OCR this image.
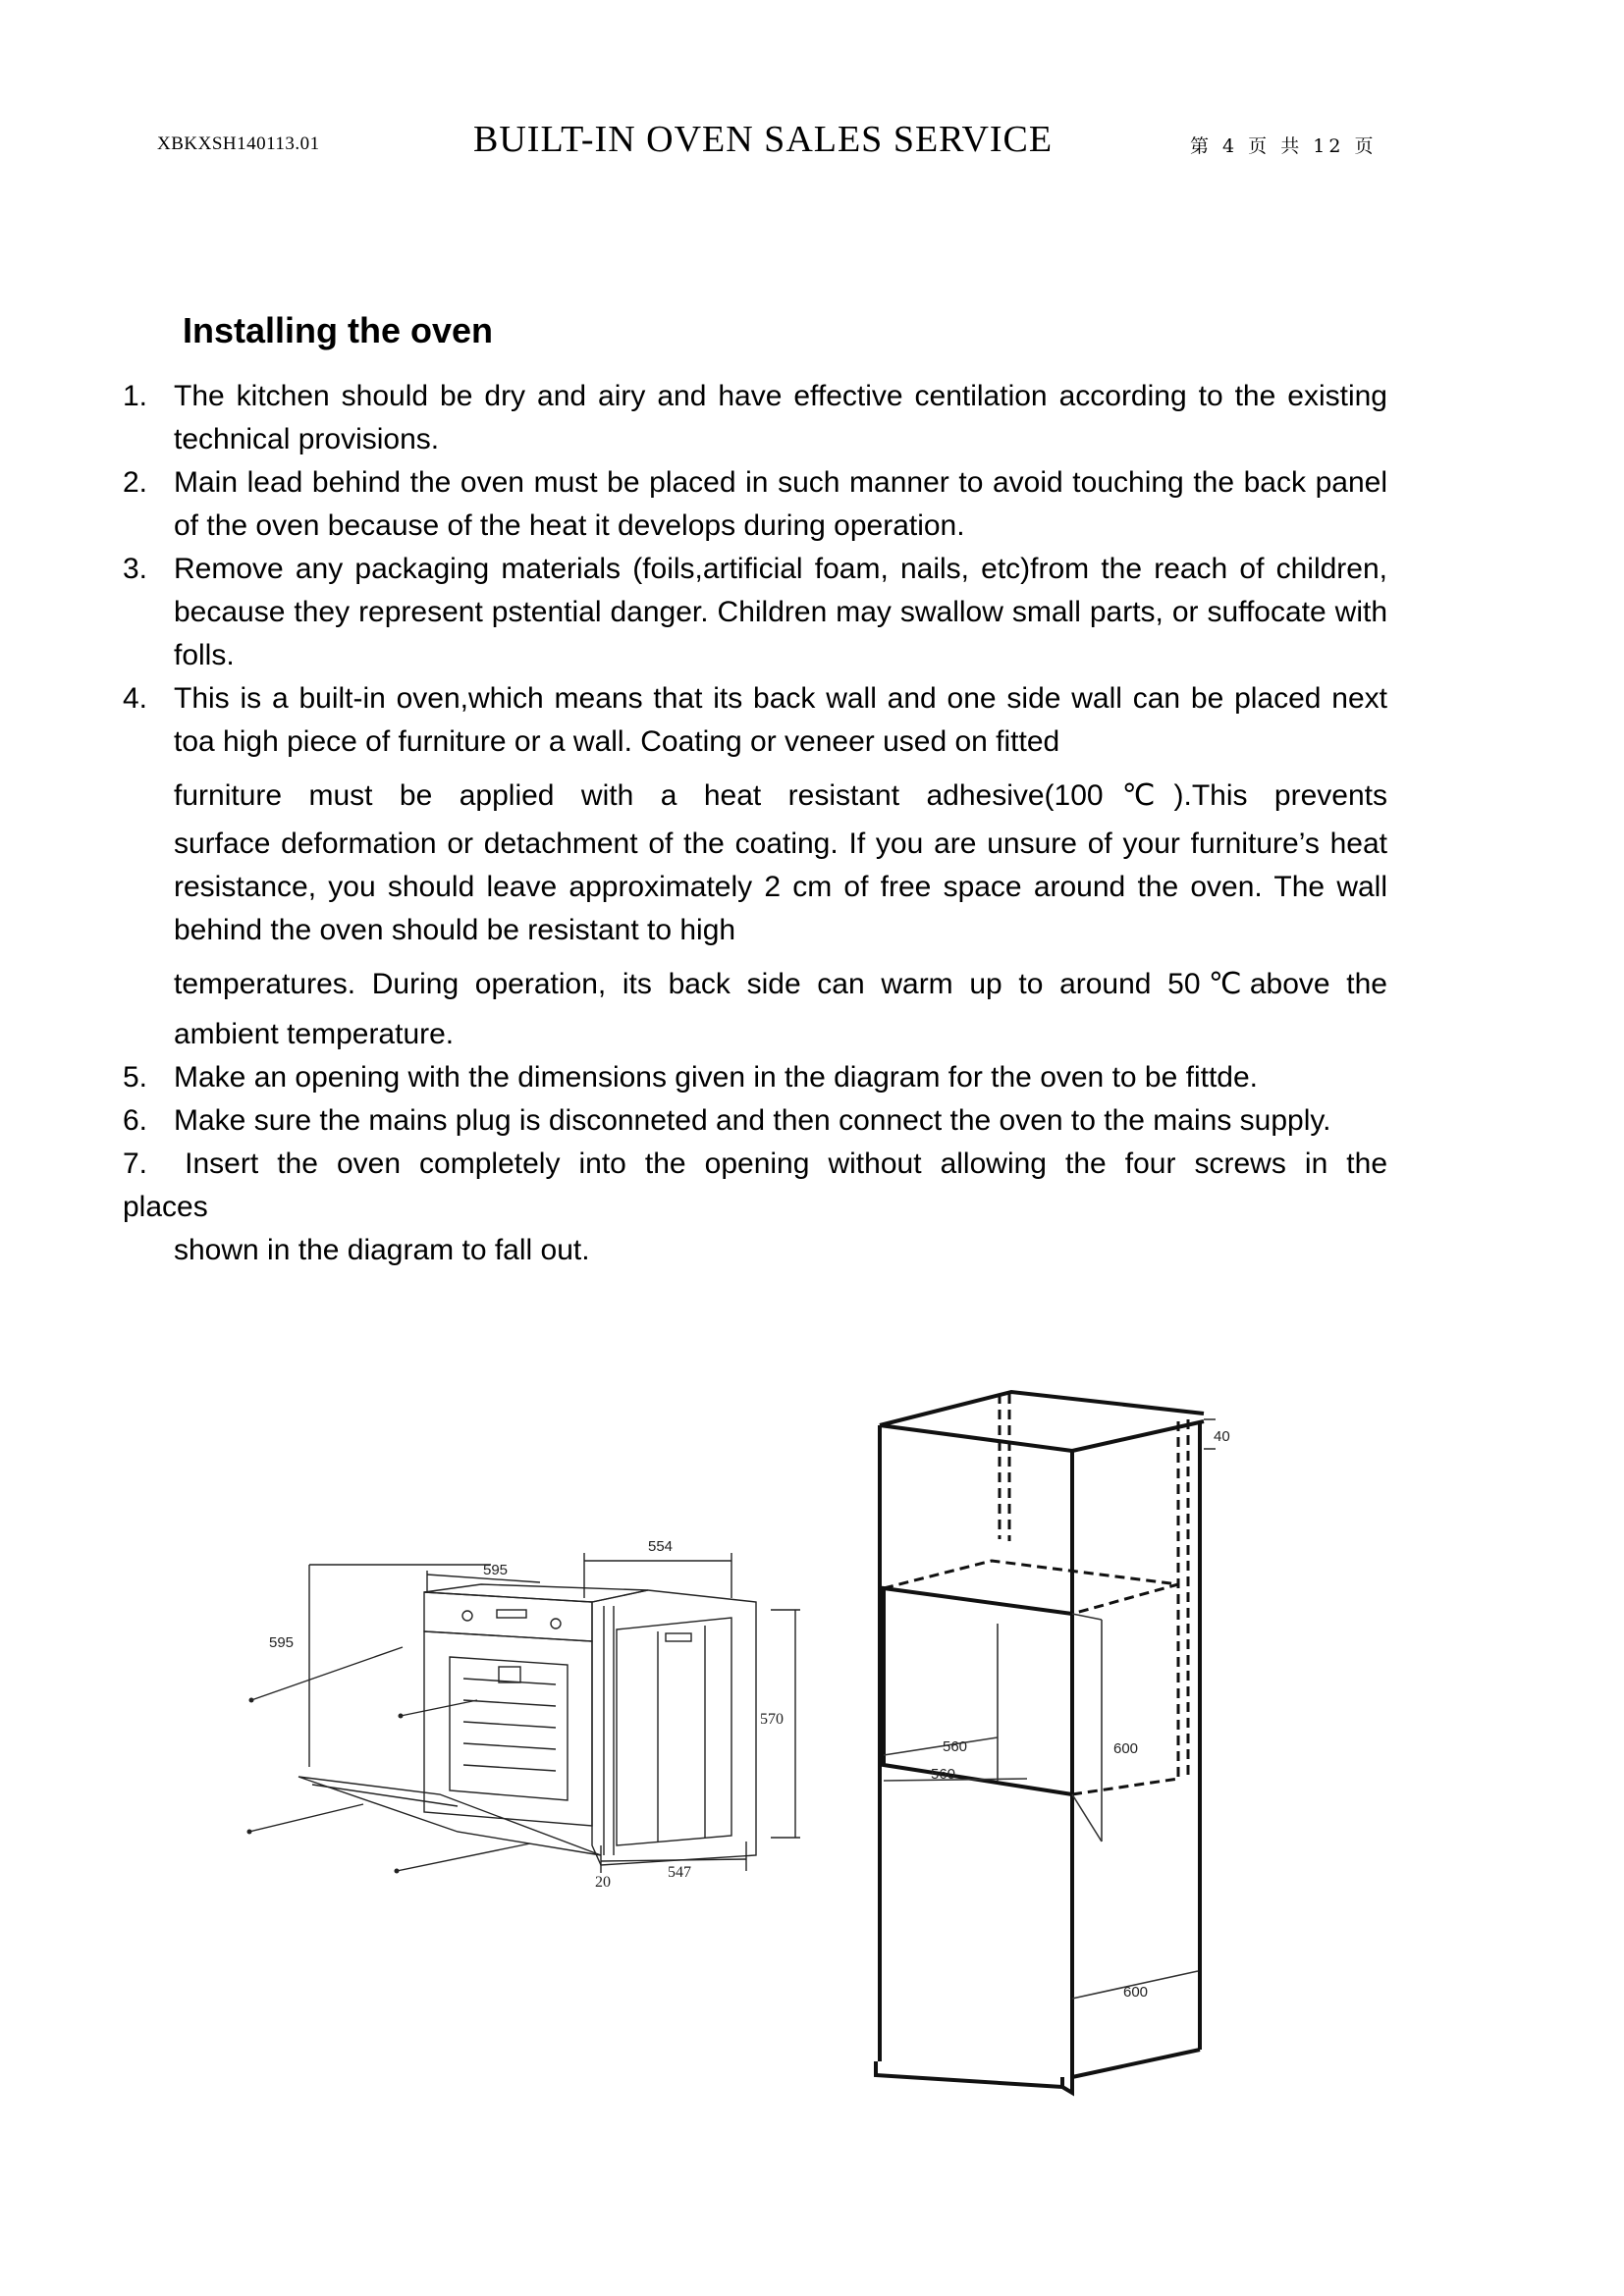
XBKXSH140113.01	BUILT-IN OVEN SALES SERVICE	第 4 页 共 12 页
Installing the oven
1. The kitchen should be dry and airy and have effective centilation according to the existing technical provisions.
2. Main lead behind the oven must be placed in such manner to avoid touching the back panel of the oven because of the heat it develops during operation.
3. Remove any packaging materials (foils,artificial foam, nails, etc)from the reach of children, because they represent pstential danger. Children may swallow small parts, or suffocate with folls.
4. This is a built-in oven,which means that its back wall and one side wall can be placed next toa high piece of furniture or a wall. Coating or veneer used on fitted
furniture must be applied with a heat resistant adhesive(100℃).This prevents
surface deformation or detachment of the coating. If you are unsure of your furniture’s heat resistance, you should leave approximately 2 cm of free space around the oven. The wall behind the oven should be resistant to high
temperatures. During operation, its back side can warm up to around 50℃above the
ambient temperature.
5. Make an opening with the dimensions given in the diagram for the oven to be fittde.
6. Make sure the mains plug is disconneted and then connect the oven to the mains supply.
7. Insert the oven completely into the opening without allowing the four screws in the
places
shown in the diagram to fall out.
595
554
595
570
20
547
40
560
560
600
600
